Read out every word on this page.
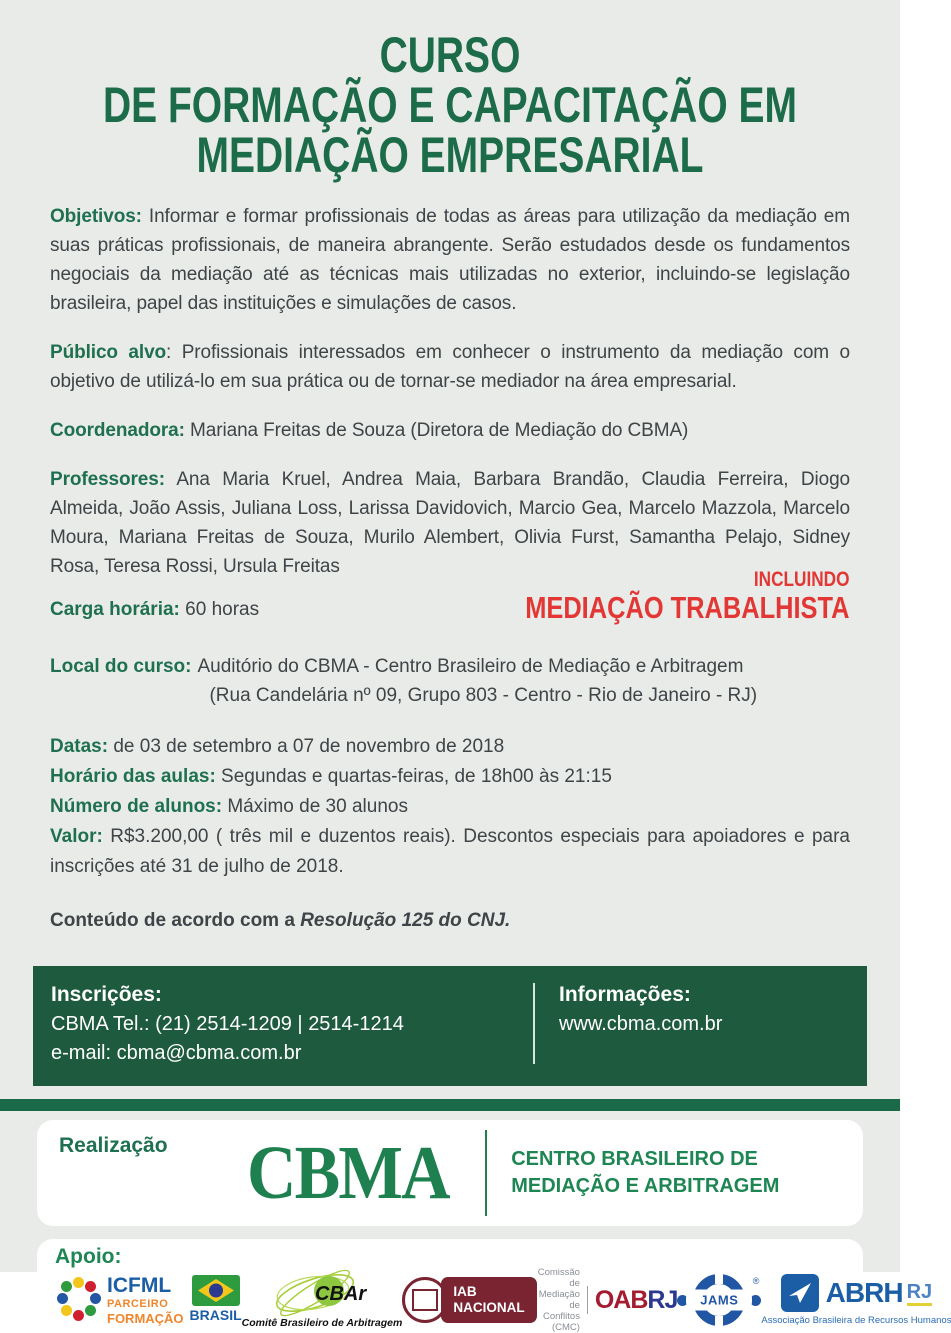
CURSO
DE FORMAÇÃO E CAPACITAÇÃO EM
MEDIAÇÃO EMPRESARIAL

Objetivos: Informar e formar profissionais de todas as áreas para utilização da mediação em suas práticas profissionais, de maneira abrangente. Serão estudados desde os fundamentos negociais da mediação até as técnicas mais utilizadas no exterior, incluindo-se legislação brasileira, papel das instituições e simulações de casos.

Público alvo: Profissionais interessados em conhecer o instrumento da mediação com o objetivo de utilizá-lo em sua prática ou de tornar-se mediador na área empresarial.

Coordenadora: Mariana Freitas de Souza (Diretora de Mediação do CBMA)

Professores: Ana Maria Kruel, Andrea Maia, Barbara Brandão, Claudia Ferreira, Diogo Almeida, João Assis, Juliana Loss, Larissa Davidovich, Marcio Gea, Marcelo Mazzola, Marcelo Moura, Mariana Freitas de Souza, Murilo Alembert, Olivia Furst, Samantha Pelajo, Sidney Rosa, Teresa Rossi, Ursula Freitas

Carga horária: 60 horas
INCLUINDO
MEDIAÇÃO TRABALHISTA
Local do curso: Auditório do CBMA - Centro Brasileiro de Mediação e Arbitragem
(Rua Candelária nº 09, Grupo 803 - Centro - Rio de Janeiro - RJ)
Datas: de 03 de setembro a 07 de novembro de 2018
Horário das aulas: Segundas e quartas-feiras, de 18h00 às 21:15
Número de alunos: Máximo de 30 alunos
Valor: R$3.200,00 ( três mil e duzentos reais). Descontos especiais para apoiadores e para inscrições até 31 de julho de 2018.
Conteúdo de acordo com a Resolução 125 do CNJ.
Inscrições:
CBMA Tel.: (21) 2514-1209 | 2514-1214
e-mail: cbma@cbma.com.br
Informações:
www.cbma.com.br
Realização CBMA	CENTRO BRASILEIRO DE
MEDIAÇÃO E ARBITRAGEM
Apoio:
ICFML
PARCEIRO
FORMAÇÃO BRASIL
CBAr
Comitê Brasileiro de Arbitragem
IAB
NACIONAL
Comissão de Mediação
de Conflitos (CMC)
OAB RJ	JAMS
® ABRH RJ
Associação Brasileira de Recursos Humanos
